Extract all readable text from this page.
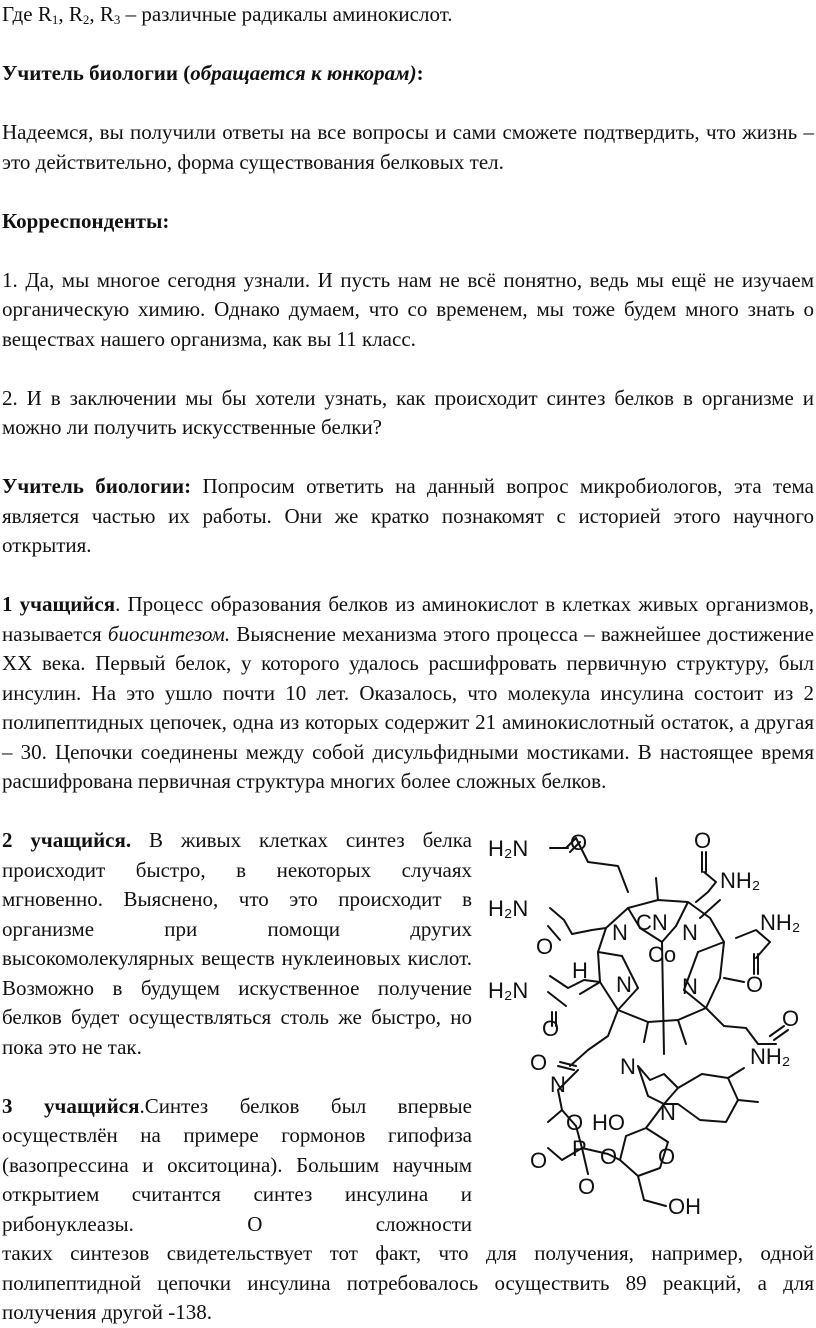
Где $R_1$, $R_2$, $R_3$ – различные радикалы аминокислот.

Учитель биологии (обращается к юнкорам):

Надеемся, вы получили ответы на все вопросы и сами сможете подтвердить, что жизнь – это действительно, форма существования белковых тел.

Корреспонденты:

1. Да, мы многое сегодня узнали. И пусть нам не всё понятно, ведь мы ещё не изучаем органическую химию. Однако думаем, что со временем, мы тоже будем много знать о веществах нашего организма, как вы 11 класс.

2. И в заключении мы бы хотели узнать, как происходит синтез белков в организме и можно ли получить искусственные белки?

Учитель биологии: Попросим ответить на данный вопрос микробиологов, эта тема является частью их работы. Они же кратко познакомят с историей этого научного открытия.

1 учащийся. Процесс образования белков из аминокислот в клетках живых организмов, называется биосинтезом. Выяснение механизма этого процесса – важнейшее достижение XX века. Первый белок, у которого удалось расшифровать первичную структуру, был инсулин. На это ушло почти 10 лет. Оказалось, что молекула инсулина состоит из 2 полипептидных цепочек, одна из которых содержит 21 аминокислотный остаток, а другая – 30. Цепочки соединены между собой дисульфидными мостиками. В настоящее время расшифрована первичная структура многих более сложных белков.

2 учащийся. В живых клетках синтез белка происходит быстро, в некоторых случаях мгновенно. Выяснено, что это происходит в организме при помощи других высокомолекулярных веществ нуклеиновых кислот. Возможно в будущем искуственное получение белков будет осуществляться столь же быстро, но пока это не так.

3 учащийся.Синтез белков был впервые осуществлён на примере гормонов гипофиза (вазопрессина и окситоцина). Большим научным открытием считантся синтез инсулина и рибонуклеазы. О сложности

H₂N O	O
NH₂
H₂N
O
NH₂
O
N CN N
Co
H
N N
H₂N
O	O
NH₂
O
N
N
N
HO
O
O P O O
O
OH

таких синтезов свидетельствует тот факт, что для получения, например, одной полипептидной цепочки инсулина потребовалось осуществить 89 реакций, а для получения другой -138.
